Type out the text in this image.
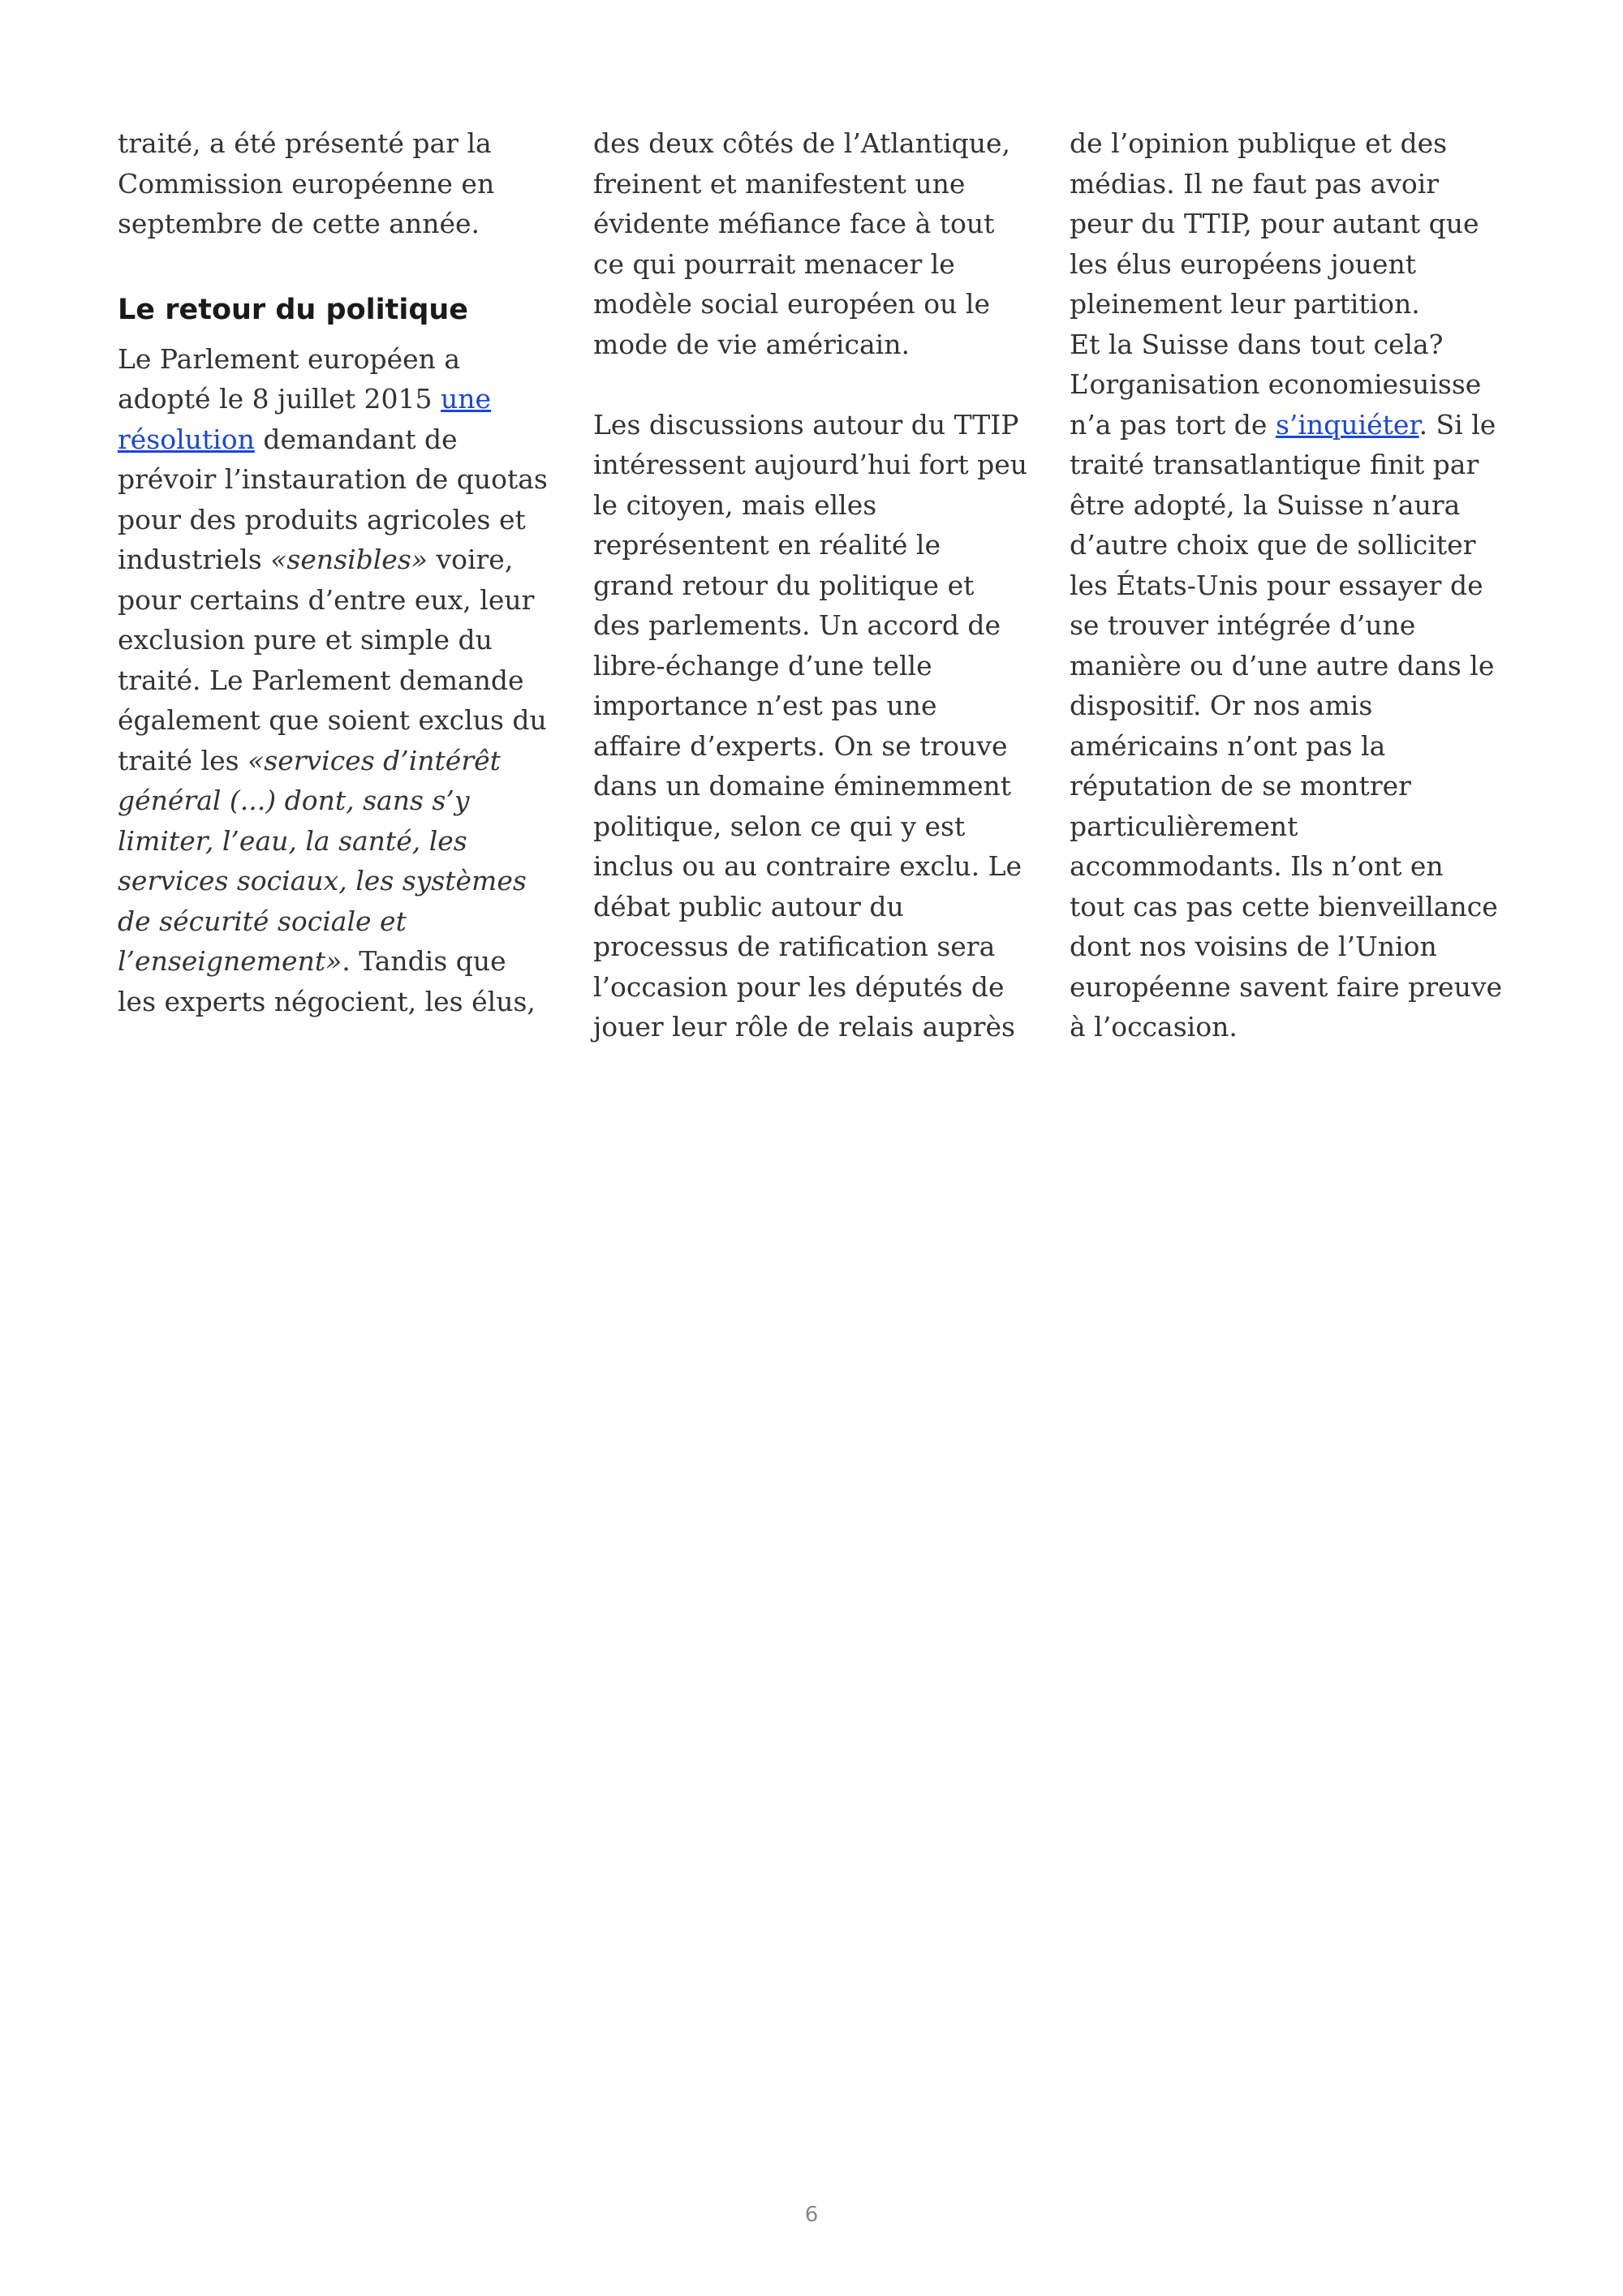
traité, a été présenté par la
Commission européenne en
septembre de cette année.
Le retour du politique
Le Parlement européen a
adopté le 8 juillet 2015 une
résolution demandant de
prévoir l’instauration de quotas
pour des produits agricoles et
industriels «sensibles» voire,
pour certains d’entre eux, leur
exclusion pure et simple du
traité. Le Parlement demande
également que soient exclus du
traité les «services d’intérêt
général (...) dont, sans s’y
limiter, l’eau, la santé, les
services sociaux, les systèmes
de sécurité sociale et
l’enseignement». Tandis que
les experts négocient, les élus,
des deux côtés de l’Atlantique,
freinent et manifestent une
évidente méfiance face à tout
ce qui pourrait menacer le
modèle social européen ou le
mode de vie américain.
Les discussions autour du TTIP
intéressent aujourd’hui fort peu
le citoyen, mais elles
représentent en réalité le
grand retour du politique et
des parlements. Un accord de
libre-échange d’une telle
importance n’est pas une
affaire d’experts. On se trouve
dans un domaine éminemment
politique, selon ce qui y est
inclus ou au contraire exclu. Le
débat public autour du
processus de ratification sera
l’occasion pour les députés de
jouer leur rôle de relais auprès
de l’opinion publique et des
médias. Il ne faut pas avoir
peur du TTIP, pour autant que
les élus européens jouent
pleinement leur partition.
Et la Suisse dans tout cela?
L’organisation economiesuisse
n’a pas tort de s’inquiéter. Si le
traité transatlantique finit par
être adopté, la Suisse n’aura
d’autre choix que de solliciter
les États-Unis pour essayer de
se trouver intégrée d’une
manière ou d’une autre dans le
dispositif. Or nos amis
américains n’ont pas la
réputation de se montrer
particulièrement
accommodants. Ils n’ont en
tout cas pas cette bienveillance
dont nos voisins de l’Union
européenne savent faire preuve
à l’occasion.
6
